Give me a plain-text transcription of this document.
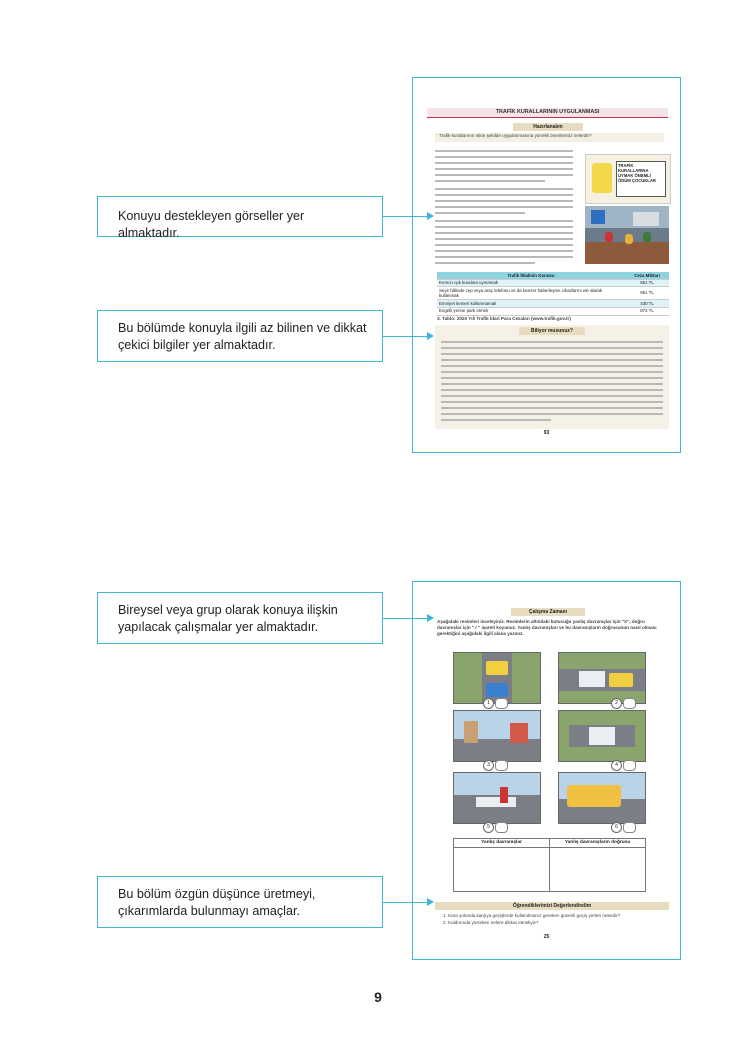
TRAFİK KURALLARININ UYGULANMASI
Hazırlanalım
Trafik kurallarının etkin şekilde uygulanmasına yönelik önerileriniz nelerdir?
TRAFİK KURALLARINA UYMAK ÖNEMLİ ÖDÜM ÇOCUKLAR
Trafik İhlalinin Konusu	Ceza Miktarı
Kırmızı ışık kuralına uymamak	951 TL
Seyir hâlinde cep veya araç telefonu ve da benzer haberleşme cihazlarını ele alarak kullanmak	951 TL
Emniyet kemeri kullanmamak	430 TL
Engelli yerine park etmek	872 TL
3. Tablo: 2020 Yılı Trafik İdari Para Cezaları (www.trafik.gov.tr)
Biliyor musunuz?
93
Konuyu destekleyen görseller yer almaktadır.
Bu bölümde konuyla ilgili az bilinen ve dikkat çekici bilgiler yer almaktadır.
Çalışma Zamanı
Aşağıdaki resimleri inceleyiniz. Resimlerin altındaki kutucuğa yanlış davranışlar için "X", doğru davranışlar için "✓" işareti koyunuz. Yanlış davranışları ve bu davranışların doğrusunun nasıl olması gerektiğini aşağıdaki ilgili alana yazınız.
1	2
3	4
5	6
Yanlış davranışlar	Yanlış davranışların doğrusu
Öğrendiklerimizi Değerlendirelim
1. Kara yolunda karşıya geçişlerde kullanılmanız gereken güvenli geçiş yerleri nelerdir?
2. Kaldırımda yürürken nelere dikkat etmeliyiz?
25
Bireysel veya grup olarak konuya ilişkin yapılacak çalışmalar yer almaktadır.
Bu bölüm özgün düşünce üretmeyi, çıkarımlarda bulunmayı amaçlar.
9
